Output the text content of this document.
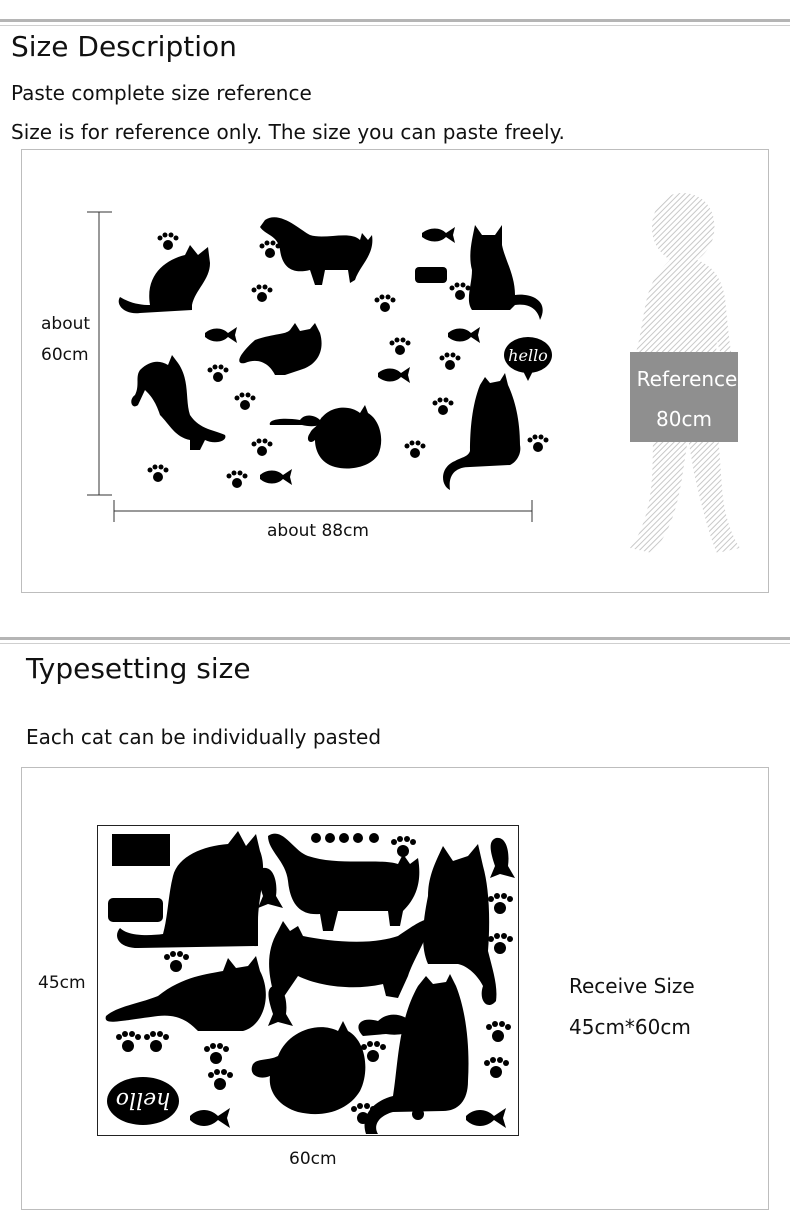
Size Description
Paste complete size reference
Size is for reference only. The size you can paste freely.
about
60cm
about 88cm
hello
Reference
80cm
Typesetting size
Each cat can be individually pasted
hello
45cm
60cm
Receive Size
45cm*60cm
